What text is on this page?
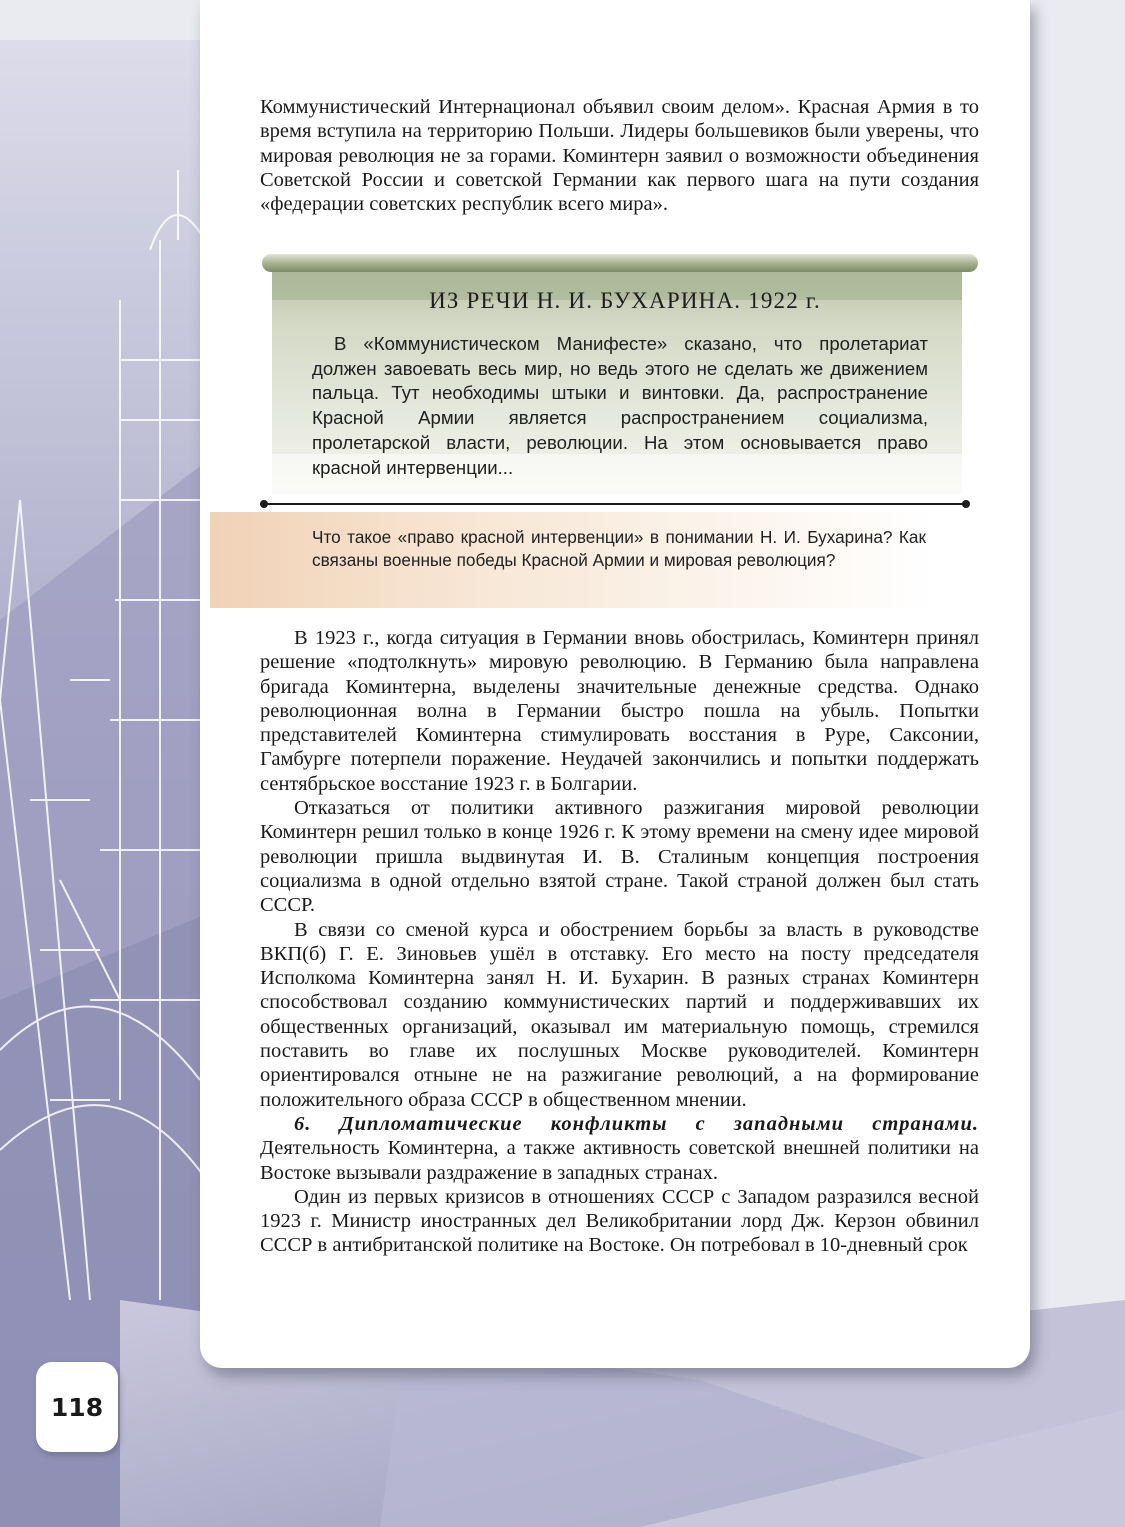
Коммунистический Интернационал объявил своим делом». Красная Армия в то время вступила на территорию Польши. Лидеры большевиков были уверены, что мировая революция не за горами. Коминтерн заявил о возможности объединения Советской России и советской Германии как первого шага на пути создания «федерации советских республик всего мира».

ИЗ РЕЧИ Н. И. БУХАРИНА. 1922 г.
В «Коммунистическом Манифесте» сказано, что пролетариат должен завоевать весь мир, но ведь этого не сделать же движением пальца. Тут необходимы штыки и винтовки. Да, распространение Красной Армии является распространением социализма, пролетарской власти, революции. На этом основывается право красной интервенции...
Что такое «право красной интервенции» в понимании Н. И. Бухарина? Как связаны военные победы Красной Армии и мировая революция?

В 1923 г., когда ситуация в Германии вновь обострилась, Коминтерн принял решение «подтолкнуть» мировую революцию. В Германию была направлена бригада Коминтерна, выделены значительные денежные средства. Однако революционная волна в Германии быстро пошла на убыль. Попытки представителей Коминтерна стимулировать восстания в Руре, Саксонии, Гамбурге потерпели поражение. Неудачей закончились и попытки поддержать сентябрьское восстание 1923 г. в Болгарии.

Отказаться от политики активного разжигания мировой революции Коминтерн решил только в конце 1926 г. К этому времени на смену идее мировой революции пришла выдвинутая И. В. Сталиным концепция построения социализма в одной отдельно взятой стране. Такой страной должен был стать СССР.

В связи со сменой курса и обострением борьбы за власть в руководстве ВКП(б) Г. Е. Зиновьев ушёл в отставку. Его место на посту председателя Исполкома Коминтерна занял Н. И. Бухарин. В разных странах Коминтерн способствовал созданию коммунистических партий и поддерживавших их общественных организаций, оказывал им материальную помощь, стремился поставить во главе их послушных Москве руководителей. Коминтерн ориентировался отныне не на разжигание революций, а на формирование положительного образа СССР в общественном мнении.

6. Дипломатические конфликты с западными странами. Деятельность Коминтерна, а также активность советской внешней политики на Востоке вызывали раздражение в западных странах.

Один из первых кризисов в отношениях СССР с Западом разразился весной 1923 г. Министр иностранных дел Великобритании лорд Дж. Керзон обвинил СССР в антибританской политике на Востоке. Он потребовал в 10-дневный срок

118
